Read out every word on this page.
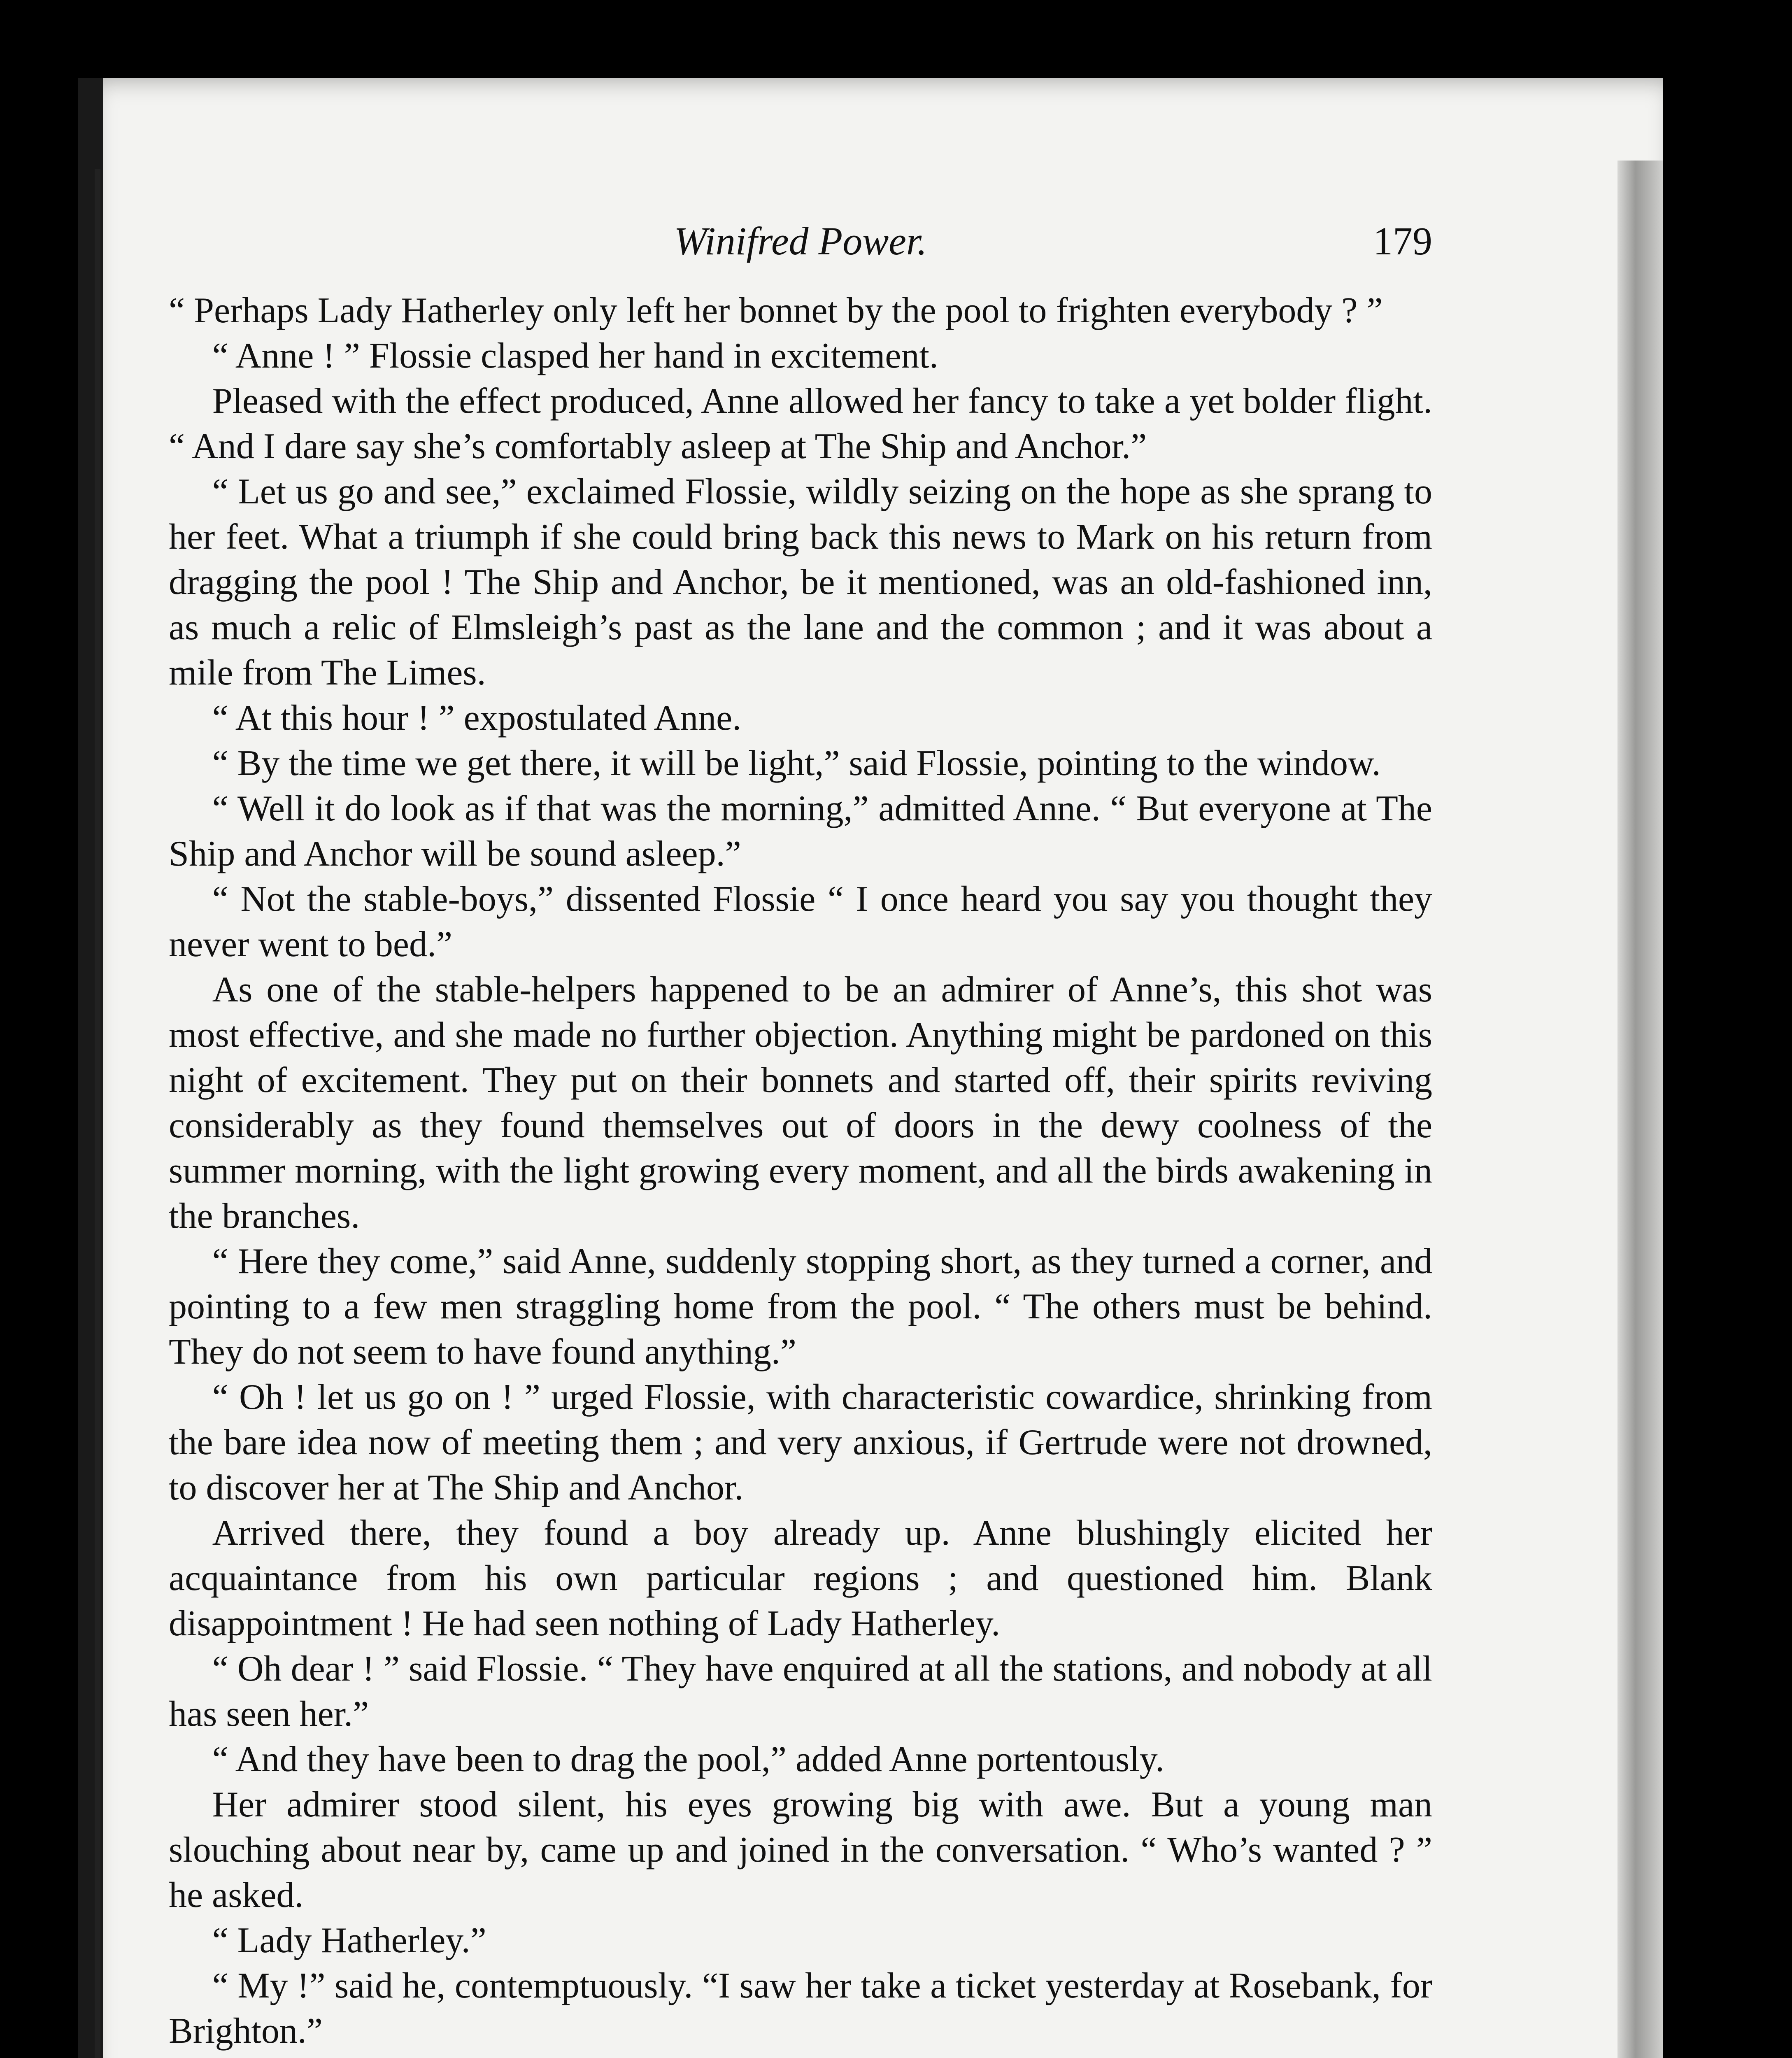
Winifred Power.	179

“ Perhaps Lady Hatherley only left her bonnet by the pool to frighten everybody ? ”

“ Anne ! ” Flossie clasped her hand in excitement.

Pleased with the effect produced, Anne allowed her fancy to take a yet bolder flight. “ And I dare say she’s comfortably asleep at The Ship and Anchor.”

“ Let us go and see,” exclaimed Flossie, wildly seizing on the hope as she sprang to her feet. What a triumph if she could bring back this news to Mark on his return from dragging the pool ! The Ship and Anchor, be it mentioned, was an old-fashioned inn, as much a relic of Elmsleigh’s past as the lane and the common ; and it was about a mile from The Limes.

“ At this hour ! ” expostulated Anne.

“ By the time we get there, it will be light,” said Flossie, pointing to the window.

“ Well it do look as if that was the morning,” admitted Anne. “ But everyone at The Ship and Anchor will be sound asleep.”

“ Not the stable-boys,” dissented Flossie “ I once heard you say you thought they never went to bed.”

As one of the stable-helpers happened to be an admirer of Anne’s, this shot was most effective, and she made no further objection. Anything might be pardoned on this night of excitement. They put on their bonnets and started off, their spirits reviving considerably as they found themselves out of doors in the dewy coolness of the summer morning, with the light growing every moment, and all the birds awakening in the branches.

“ Here they come,” said Anne, suddenly stopping short, as they turned a corner, and pointing to a few men straggling home from the pool. “ The others must be behind. They do not seem to have found anything.”

“ Oh ! let us go on ! ” urged Flossie, with characteristic cowardice, shrinking from the bare idea now of meeting them ; and very anxious, if Gertrude were not drowned, to discover her at The Ship and Anchor.

Arrived there, they found a boy already up. Anne blushingly elicited her acquaintance from his own particular regions ; and questioned him. Blank disappointment ! He had seen nothing of Lady Hatherley.

“ Oh dear ! ” said Flossie. “ They have enquired at all the stations, and nobody at all has seen her.”

“ And they have been to drag the pool,” added Anne portentously.

Her admirer stood silent, his eyes growing big with awe. But a young man slouching about near by, came up and joined in the conversation. “ Who’s wanted ? ” he asked.

“ Lady Hatherley.”

“ My !” said he, contemptuously. “I saw her take a ticket yesterday at Rosebank, for Brighton.”
